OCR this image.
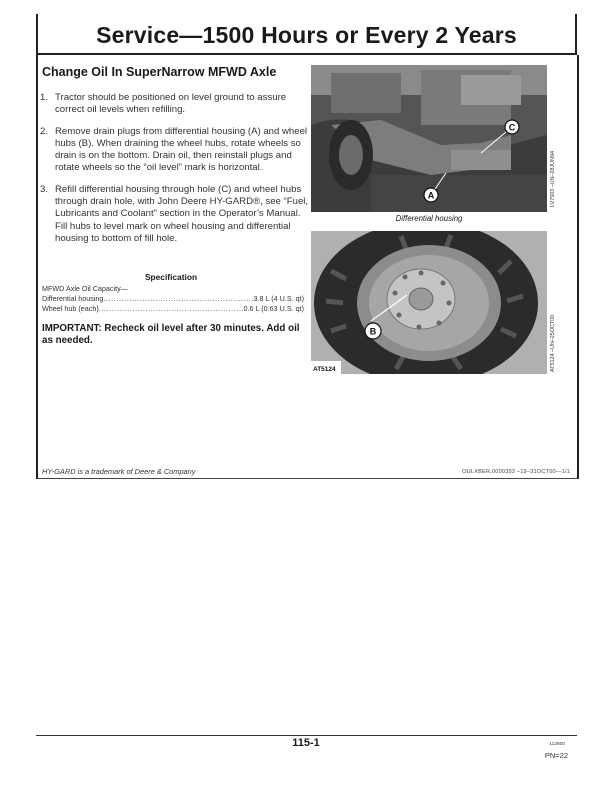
Service—1500 Hours or Every 2 Years
Change Oil In SuperNarrow MFWD Axle
1. Tractor should be positioned on level ground to assure correct oil levels when refilling.
2. Remove drain plugs from differential housing (A) and wheel hubs (B). When draining the wheel hubs, rotate wheels so drain is on the bottom. Drain oil, then reinstall plugs and rotate wheels so the “oil level” mark is horizontal.
3. Refill differential housing through hole (C) and wheel hubs through drain hole, with John Deere HY-GARD®, see “Fuel, Lubricants and Coolant” section in the Operator’s Manual. Fill hubs to level mark on wheel housing and differential housing to bottom of fill hole.
Specification
MFWD Axle Oil Capacity—
Differential housing .....	3.8 L (4 U.S. qt)
Wheel hub (each) .....	0.6 L (0.63 U.S. qt)
IMPORTANT: Recheck oil level after 30 minutes. Add oil as needed.
C
A
Differential housing
LV7503 –UN–28JUN94
B
AT5124	AT5124 –UN–25OCT00
HY-GARD is a trademark of Deere & Company	OULXBER,0000392 –19–31OCT00—1/1
115-1	112600
PN=22
